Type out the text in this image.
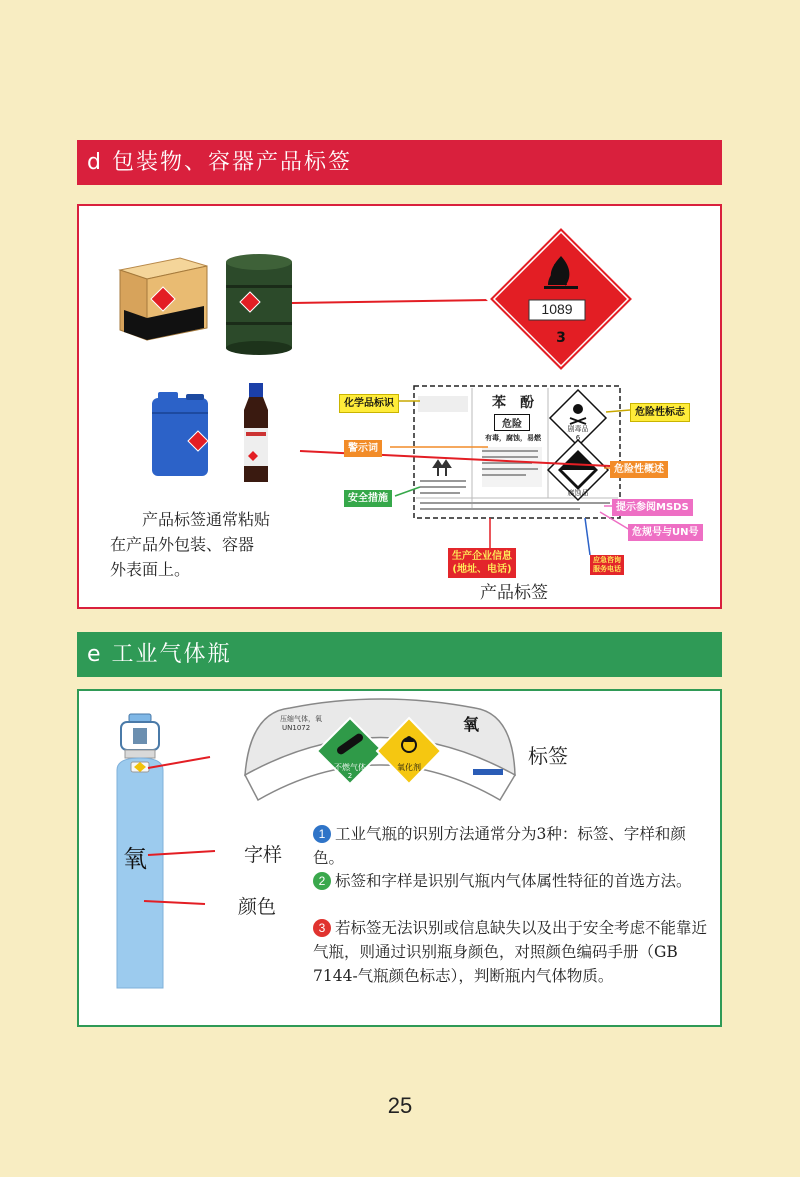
d 包装物、容器产品标签
1089
3
苯　酚
危险
有毒，腐蚀，易燃
剧毒品
6
腐蚀品
化学品标识
警示词
安全措施
危险性标志
危险性概述
提示参阅MSDS
危规号与UN号
生产企业信息
(地址、电话)
应急咨询
服务电话
产品标签通常粘贴
在产品外包装、容器
外表面上。
产品标签
e 工业气体瓶
氧
压缩气体，氧
UN1072	氧
不燃气体
2
氧化剂	标签
字样
颜色
1 工业气瓶的识别方法通常分为3种：标签、字样和颜色。
2 标签和字样是识别气瓶内气体属性特征的首选方法。
3 若标签无法识别或信息缺失以及出于安全考虑不能靠近气瓶，则通过识别瓶身颜色，对照颜色编码手册（GB 7144-气瓶颜色标志），判断瓶内气体物质。
25
